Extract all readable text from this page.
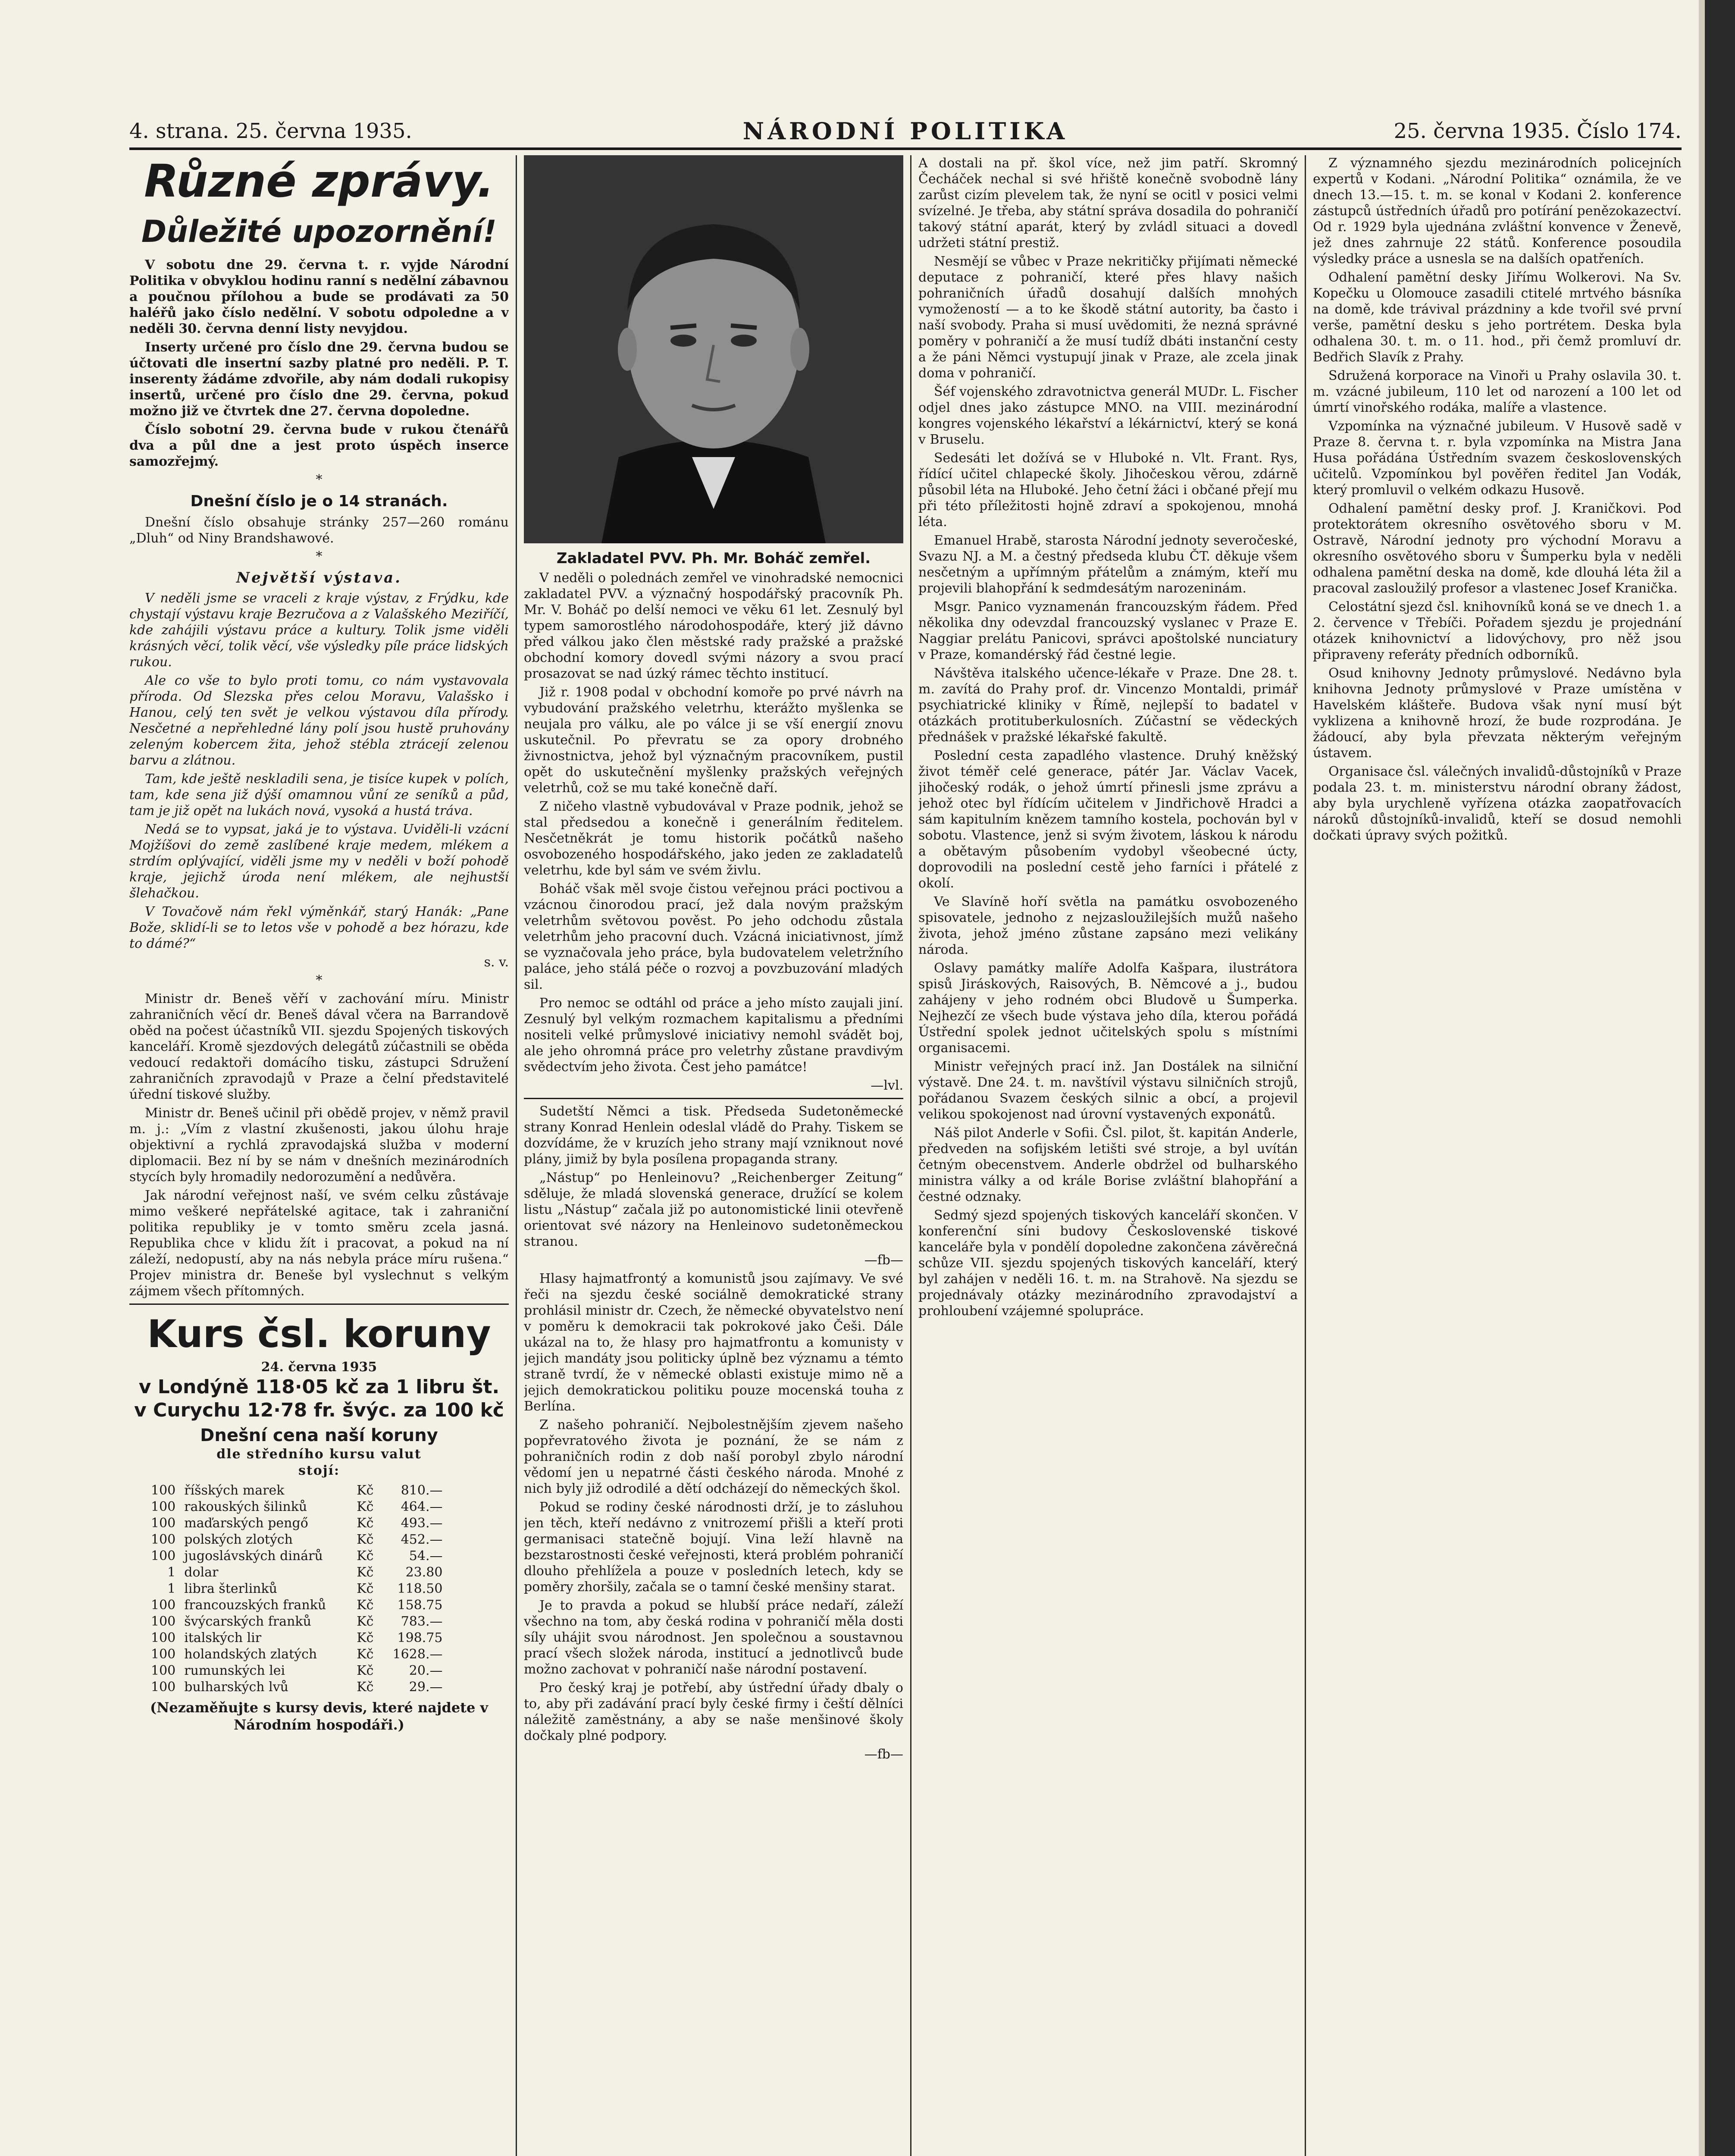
4. strana. 25. června 1935.	NÁRODNÍ POLITIKA	25. června 1935. Číslo 174.
Různé zprávy.
Důležité upozornění!

V sobotu dne 29. června t. r. vyjde Národní Politika v obvyklou hodinu ranní s nedělní zábavnou a poučnou přílohou a bude se prodávati za 50 haléřů jako číslo nedělní. V sobotu odpoledne a v neděli 30. června denní listy nevyjdou.

Inserty určené pro číslo dne 29. června budou se účtovati dle insertní sazby platné pro neděli. P. T. inserenty žádáme zdvořile, aby nám dodali rukopisy insertů, určené pro číslo dne 29. června, pokud možno již ve čtvrtek dne 27. června dopoledne.

Číslo sobotní 29. června bude v rukou čtenářů dva a půl dne a jest proto úspěch inserce samozřejmý.

*
Dnešní číslo je o 14 stranách.

Dnešní číslo obsahuje stránky 257—260 románu „Dluh“ od Niny Brandshawové.

*
Největší výstava.

V neděli jsme se vraceli z kraje výstav, z Frýdku, kde chystají výstavu kraje Bezručova a z Valašského Meziříčí, kde zahájili výstavu práce a kultury. Tolik jsme viděli krásných věcí, tolik věcí, vše výsledky píle práce lidských rukou.

Ale co vše to bylo proti tomu, co nám vystavovala příroda. Od Slezska přes celou Moravu, Valašsko i Hanou, celý ten svět je velkou výstavou díla přírody. Nesčetné a nepřehledné lány polí jsou hustě pruhovány zeleným kobercem žita, jehož stébla ztrácejí zelenou barvu a zlátnou.

Tam, kde ještě neskladili sena, je tisíce kupek v polích, tam, kde sena již dýší omamnou vůní ze seníků a půd, tam je již opět na lukách nová, vysoká a hustá tráva.

Nedá se to vypsat, jaká je to výstava. Uviděli-li vzácní Mojžíšovi do země zaslíbené kraje medem, mlékem a strdím oplývající, viděli jsme my v neděli v boží pohodě kraje, jejichž úroda není mlékem, ale nejhustší šlehačkou.

V Tovačově nám řekl výměnkář, starý Hanák: „Pane Bože, sklidí-li se to letos vše v pohodě a bez hórazu, kde to dámé?“

s. v.

*

Ministr dr. Beneš věří v zachování míru. Ministr zahraničních věcí dr. Beneš dával včera na Barrandově oběd na počest účastníků VII. sjezdu Spojených tiskových kanceláří. Kromě sjezdových delegátů zúčastnili se oběda vedoucí redaktoři domácího tisku, zástupci Sdružení zahraničních zpravodajů v Praze a čelní představitelé úřední tiskové služby.

Ministr dr. Beneš učinil při obědě projev, v němž pravil m. j.: „Vím z vlastní zkušenosti, jakou úlohu hraje objektivní a rychlá zpravodajská služba v moderní diplomacii. Bez ní by se nám v dnešních mezinárodních stycích byly hromadily nedorozumění a nedůvěra.

Jak národní veřejnost naší, ve svém celku zůstávaje mimo veškeré nepřátelské agitace, tak i zahraniční politika republiky je v tomto směru zcela jasná. Republika chce v klidu žít i pracovat, a pokud na ní záleží, nedopustí, aby na nás nebyla práce míru rušena.“ Projev ministra dr. Beneše byl vyslechnut s velkým zájmem všech přítomných.

Kurs čsl. koruny
24. června 1935
v Londýně 118·05 kč za 1 libru št.
v Curychu 12·78 fr. švýc. za 100 kč
Dnešní cena naší koruny
dle středního kursu valut
stojí:
100	říšských marek	Kč	810.—
100	rakouských šilinků	Kč	464.—
100	maďarských pengő	Kč	493.—
100	polských zlotých	Kč	452.—
100	jugoslávských dinárů	Kč	54.—
1	dolar	Kč	23.80
1	libra šterlinků	Kč	118.50
100	francouzských franků	Kč	158.75
100	švýcarských franků	Kč	783.—
100	italských lir	Kč	198.75
100	holandských zlatých	Kč	1628.—
100	rumunských lei	Kč	20.—
100	bulharských lvů	Kč	29.—
(Nezaměňujte s kursy devis, které najdete v Národním hospodáři.)
Zakladatel PVV. Ph. Mr. Boháč zemřel.

V neděli o polednách zemřel ve vinohradské nemocnici zakladatel PVV. a význačný hospodářský pracovník Ph. Mr. V. Boháč po delší nemoci ve věku 61 let. Zesnulý byl typem samorostlého národohospodáře, který již dávno před válkou jako člen městské rady pražské a pražské obchodní komory dovedl svými názory a svou prací prosazovat se nad úzký rámec těchto institucí.

Již r. 1908 podal v obchodní komoře po prvé návrh na vybudování pražského veletrhu, kterážto myšlenka se neujala pro válku, ale po válce ji se vší energií znovu uskutečnil. Po převratu se za opory drobného živnostnictva, jehož byl význačným pracovníkem, pustil opět do uskutečnění myšlenky pražských veřejných veletrhů, což se mu také konečně daří.

Z ničeho vlastně vybudovával v Praze podnik, jehož se stal předsedou a konečně i generálním ředitelem. Nesčetněkrát je tomu historik počátků našeho osvobozeného hospodářského, jako jeden ze zakladatelů veletrhu, kde byl sám ve svém živlu.

Boháč však měl svoje čistou veřejnou práci poctivou a vzácnou činorodou prací, jež dala novým pražským veletrhům světovou pověst. Po jeho odchodu zůstala veletrhům jeho pracovní duch. Vzácná iniciativnost, jímž se vyznačovala jeho práce, byla budovatelem veletržního paláce, jeho stálá péče o rozvoj a povzbuzování mladých sil.

Pro nemoc se odtáhl od práce a jeho místo zaujali jiní. Zesnulý byl velkým rozmachem kapitalismu a předními nositeli velké průmyslové iniciativy nemohl svádět boj, ale jeho ohromná práce pro veletrhy zůstane pravdivým svědectvím jeho života. Čest jeho památce!

—lvl.

Sudetští Němci a tisk. Předseda Sudetoněmecké strany Konrad Henlein odeslal vládě do Prahy. Tiskem se dozvídáme, že v kruzích jeho strany mají vzniknout nové plány, jimiž by byla posílena propaganda strany.

„Nástup“ po Henleinovu? „Reichenberger Zeitung“ sděluje, že mladá slovenská generace, družící se kolem listu „Nástup“ začala již po autonomistické linii otevřeně orientovat své názory na Henleinovo sudetoněmeckou stranou.

—fb—

Hlasy hajmatfrontý a komunistů jsou zajímavy. Ve své řeči na sjezdu české sociálně demokratické strany prohlásil ministr dr. Czech, že německé obyvatelstvo není v poměru k demokracii tak pokrokové jako Češi. Dále ukázal na to, že hlasy pro hajmatfrontu a komunisty v jejich mandáty jsou politicky úplně bez významu a témto straně tvrdí, že v německé oblasti existuje mimo ně a jejich demokratickou politiku pouze mocenská touha z Berlína.

Z našeho pohraničí. Nejbolestnějším zjevem našeho popřevratového života je poznání, že se nám z pohraničních rodin z dob naší porobyl zbylo národní vědomí jen u nepatrné části českého národa. Mnohé z nich byly již odrodilé a dětí odcházejí do německých škol.

Pokud se rodiny české národnosti drží, je to zásluhou jen těch, kteří nedávno z vnitrozemí přišli a kteří proti germanisaci statečně bojují. Vina leží hlavně na bezstarostnosti české veřejnosti, která problém pohraničí dlouho přehlížela a pouze v posledních letech, kdy se poměry zhoršily, začala se o tamní české menšiny starat.

Je to pravda a pokud se hlubší práce nedaří, záleží všechno na tom, aby česká rodina v pohraničí měla dosti síly uhájit svou národnost. Jen společnou a soustavnou prací všech složek národa, institucí a jednotlivců bude možno zachovat v pohraničí naše národní postavení.

Pro český kraj je potřebí, aby ústřední úřady dbaly o to, aby při zadávání prací byly české firmy i čeští dělníci náležitě zaměstnány, a aby se naše menšinové školy dočkaly plné podpory.

—fb—

A dostali na př. škol více, než jim patří. Skromný Čecháček nechal si své hřiště konečně svobodně lány zarůst cizím plevelem tak, že nyní se ocitl v posici velmi svízelné. Je třeba, aby státní správa dosadila do pohraničí takový státní aparát, který by zvládl situaci a dovedl udržeti státní prestiž.

Nesmějí se vůbec v Praze nekritičky přijímati německé deputace z pohraničí, které přes hlavy našich pohraničních úřadů dosahují dalších mnohých vymožeností — a to ke škodě státní autority, ba často i naší svobody. Praha si musí uvědomiti, že nezná správné poměry v pohraničí a že musí tudíž dbáti instanční cesty a že páni Němci vystupují jinak v Praze, ale zcela jinak doma v pohraničí.

Šéf vojenského zdravotnictva generál MUDr. L. Fischer odjel dnes jako zástupce MNO. na VIII. mezinárodní kongres vojenského lékařství a lékárnictví, který se koná v Bruselu.

Sedesáti let dožívá se v Hluboké n. Vlt. Frant. Rys, řídící učitel chlapecké školy. Jihočeskou věrou, zdárně působil léta na Hluboké. Jeho četní žáci i občané přejí mu při této příležitosti hojně zdraví a spokojenou, mnohá léta.

Emanuel Hrabě, starosta Národní jednoty severočeské, Svazu NJ. a M. a čestný předseda klubu ČT. děkuje všem nesčetným a upřímným přátelům a známým, kteří mu projevili blahopřání k sedmdesátým narozeninám.

Msgr. Panico vyznamenán francouzským řádem. Před několika dny odevzdal francouzský vyslanec v Praze E. Naggiar prelátu Panicovi, správci apoštolské nunciatury v Praze, komandérský řád čestné legie.

Návštěva italského učence-lékaře v Praze. Dne 28. t. m. zavítá do Prahy prof. dr. Vincenzo Montaldi, primář psychiatrické kliniky v Římě, nejlepší to badatel v otázkách protituberkulosních. Zúčastní se vědeckých přednášek v pražské lékařské fakultě.

Poslední cesta zapadlého vlastence. Druhý kněžský život téměř celé generace, pátér Jar. Václav Vacek, jihočeský rodák, o jehož úmrtí přinesli jsme zprávu a jehož otec byl řídícím učitelem v Jindřichově Hradci a sám kapitulním knězem tamního kostela, pochován byl v sobotu. Vlastence, jenž si svým životem, láskou k národu a obětavým působením vydobyl všeobecné úcty, doprovodili na poslední cestě jeho farníci i přátelé z okolí.

Ve Slavíně hoří světla na památku osvobozeného spisovatele, jednoho z nejzasloužilejších mužů našeho života, jehož jméno zůstane zapsáno mezi velikány národa.

Oslavy památky malíře Adolfa Kašpara, ilustrátora spisů Jiráskových, Raisových, B. Němcové a j., budou zahájeny v jeho rodném obci Bludově u Šumperka. Nejhezčí ze všech bude výstava jeho díla, kterou pořádá Ústřední spolek jednot učitelských spolu s místními organisacemi.

Ministr veřejných prací inž. Jan Dostálek na silniční výstavě. Dne 24. t. m. navštívil výstavu silničních strojů, pořádanou Svazem českých silnic a obcí, a projevil velikou spokojenost nad úrovní vystavených exponátů.

Náš pilot Anderle v Sofii. Čsl. pilot, št. kapitán Anderle, předveden na sofijském letišti své stroje, a byl uvítán četným obecenstvem. Anderle obdržel od bulharského ministra války a od krále Borise zvláštní blahopřání a čestné odznaky.

Sedmý sjezd spojených tiskových kanceláří skončen. V konferenční síni budovy Československé tiskové kanceláře byla v pondělí dopoledne zakončena závěrečná schůze VII. sjezdu spojených tiskových kanceláří, který byl zahájen v neděli 16. t. m. na Strahově. Na sjezdu se projednávaly otázky mezinárodního zpravodajství a prohloubení vzájemné spolupráce.

Z významného sjezdu mezinárodních policejních expertů v Kodani. „Národní Politika“ oznámila, že ve dnech 13.—15. t. m. se konal v Kodani 2. konference zástupců ústředních úřadů pro potírání penězokazectví. Od r. 1929 byla ujednána zvláštní konvence v Ženevě, jež dnes zahrnuje 22 států. Konference posoudila výsledky práce a usnesla se na dalších opatřeních.

Odhalení pamětní desky Jiřímu Wolkerovi. Na Sv. Kopečku u Olomouce zasadili ctitelé mrtvého básníka na domě, kde trávival prázdniny a kde tvořil své první verše, pamětní desku s jeho portrétem. Deska byla odhalena 30. t. m. o 11. hod., při čemž promluví dr. Bedřich Slavík z Prahy.

Sdružená korporace na Vinoři u Prahy oslavila 30. t. m. vzácné jubileum, 110 let od narození a 100 let od úmrtí vinořského rodáka, malíře a vlastence.

Vzpomínka na význačné jubileum. V Husově sadě v Praze 8. června t. r. byla vzpomínka na Mistra Jana Husa pořádána Ústředním svazem československých učitelů. Vzpomínkou byl pověřen ředitel Jan Vodák, který promluvil o velkém odkazu Husově.

Odhalení pamětní desky prof. J. Kraničkovi. Pod protektorátem okresního osvětového sboru v M. Ostravě, Národní jednoty pro východní Moravu a okresního osvětového sboru v Šumperku byla v neděli odhalena pamětní deska na domě, kde dlouhá léta žil a pracoval zasloužilý profesor a vlastenec Josef Kranička.

Celostátní sjezd čsl. knihovníků koná se ve dnech 1. a 2. července v Třebíči. Pořadem sjezdu je projednání otázek knihovnictví a lidovýchovy, pro něž jsou připraveny referáty předních odborníků.

Osud knihovny Jednoty průmyslové. Nedávno byla knihovna Jednoty průmyslové v Praze umístěna v Havelském klášteře. Budova však nyní musí být vyklizena a knihovně hrozí, že bude rozprodána. Je žádoucí, aby byla převzata některým veřejným ústavem.

Organisace čsl. válečných invalidů-důstojníků v Praze podala 23. t. m. ministerstvu národní obrany žádost, aby byla urychleně vyřízena otázka zaopatřovacích nároků důstojníků-invalidů, kteří se dosud nemohli dočkati úpravy svých požitků.
